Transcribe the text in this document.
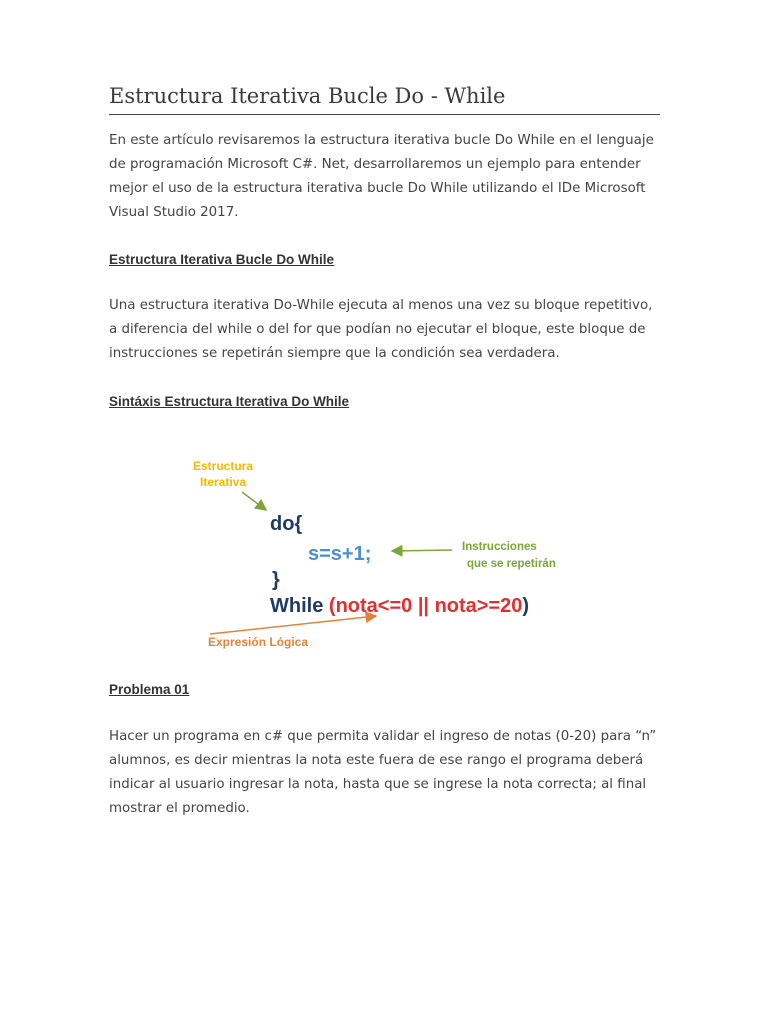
Estructura Iterativa Bucle Do - While

En este artículo revisaremos la estructura iterativa bucle Do While en el lenguaje
de programación Microsoft C#. Net, desarrollaremos un ejemplo para entender
mejor el uso de la estructura iterativa bucle Do While utilizando el IDe Microsoft
Visual Studio 2017.

Estructura Iterativa Bucle Do While

Una estructura iterativa Do-While ejecuta al menos una vez su bloque repetitivo,
a diferencia del while o del for que podían no ejecutar el bloque, este bloque de
instrucciones se repetirán siempre que la condición sea verdadera.

Sintáxis Estructura Iterativa Do While
Estructura
Iterativa
do{
s=s+1;	Instrucciones
que se repetirán
}
While (nota<=0 || nota>=20)
Expresión Lógica
Problema 01

Hacer un programa en c# que permita validar el ingreso de notas (0-20) para “n”
alumnos, es decir mientras la nota este fuera de ese rango el programa deberá
indicar al usuario ingresar la nota, hasta que se ingrese la nota correcta; al final
mostrar el promedio.
